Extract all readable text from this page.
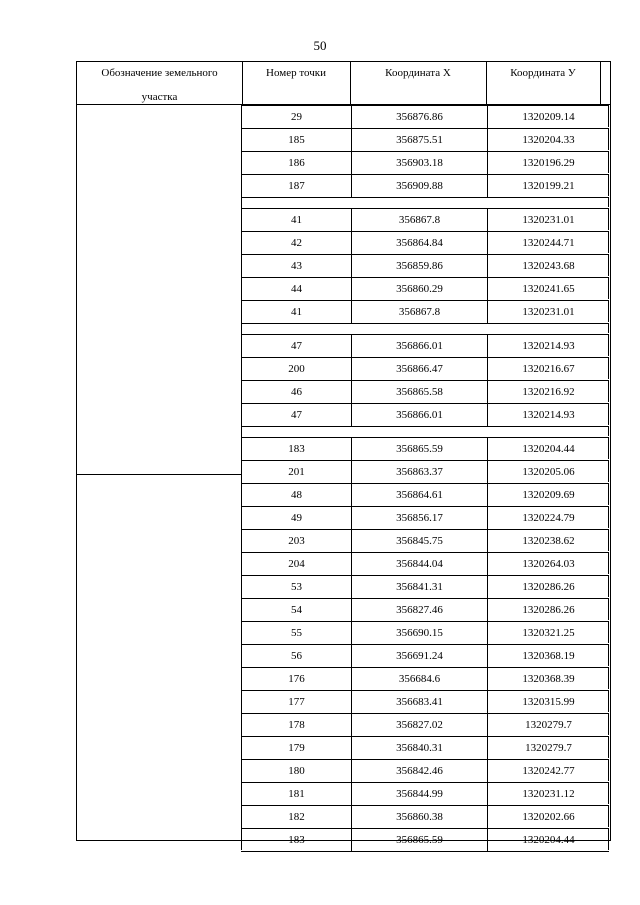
50
Обозначение земельного
участка
Номер точки	Координата X	Координата У
29	356876.86	1320209.14
185	356875.51	1320204.33
186	356903.18	1320196.29
187	356909.88	1320199.21
41	356867.8	1320231.01
42	356864.84	1320244.71
43	356859.86	1320243.68
44	356860.29	1320241.65
41	356867.8	1320231.01
47	356866.01	1320214.93
200	356866.47	1320216.67
46	356865.58	1320216.92
47	356866.01	1320214.93
183	356865.59	1320204.44
201	356863.37	1320205.06
48	356864.61	1320209.69
49	356856.17	1320224.79
203	356845.75	1320238.62
204	356844.04	1320264.03
53	356841.31	1320286.26
54	356827.46	1320286.26
55	356690.15	1320321.25
56	356691.24	1320368.19
176	356684.6	1320368.39
177	356683.41	1320315.99
178	356827.02	1320279.7
179	356840.31	1320279.7
180	356842.46	1320242.77
181	356844.99	1320231.12
182	356860.38	1320202.66
183	356865.59	1320204.44
